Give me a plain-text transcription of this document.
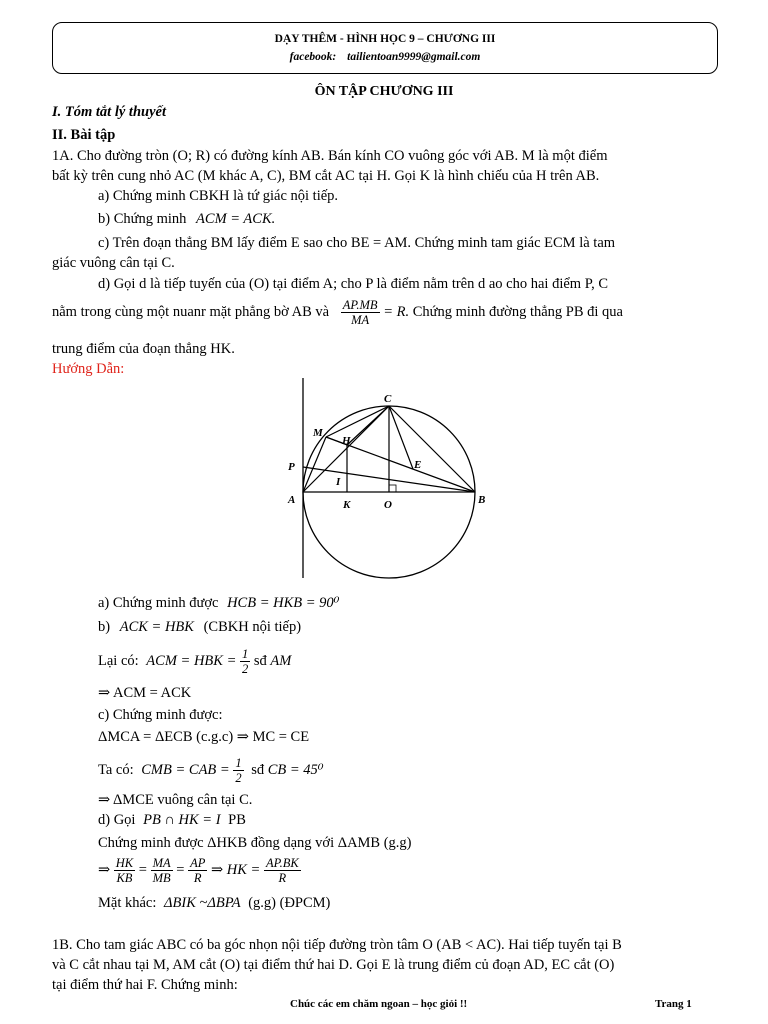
DẠY THÊM - HÌNH HỌC 9 – CHƯƠNG III
facebook: tailientoan9999@gmail.com
ÔN TẬP CHƯƠNG III
I. Tóm tắt lý thuyết
II. Bài tập
1A. Cho đường tròn (O; R) có đường kính AB. Bán kính CO vuông góc với AB. M là một điểm
bất kỳ trên cung nhỏ AC (M khác A, C), BM cắt AC tại H. Gọi K là hình chiếu của H trên AB.
a) Chứng minh CBKH là tứ giác nội tiếp.
b) Chứng minh ACM = ACK.
c) Trên đoạn thẳng BM lấy điểm E sao cho BE = AM. Chứng minh tam giác ECM là tam
giác vuông cân tại C.
d) Gọi d là tiếp tuyến của (O) tại điểm A; cho P là điểm nằm trên d ao cho hai điểm P, C
nằm trong cùng một nuanr mặt phẳng bờ AB và $\frac{AP.MB}{MA} = R$. Chứng minh đường thẳng PB đi qua
trung điểm của đoạn thẳng HK.
Hướng Dẫn:
C
M
H
P	E
I
A	B
K	O
a) Chứng minh được HCB = HKB = 90⁰
b) ACK = HBK (CBKH nội tiếp)
Lại có: ACM = HBK = $\frac{1}{2}$ sđ AM
⇒ ACM = ACK
c) Chứng minh được:
ΔMCA = ΔECB (c.g.c) ⇒ MC = CE
Ta có: CMB = CAB = $\frac{1}{2}$ sđ CB = 45⁰
⇒ ΔMCE vuông cân tại C.
d) Gọi PB ∩ HK = I PB
Chứng minh được ΔHKB đồng dạng với ΔAMB (g.g)
⇒ $\frac{HK}{KB} = \frac{MA}{MB} = \frac{AP}{R}$ ⇒ HK = $\frac{AP.BK}{R}$
Mặt khác: ΔBIK ~ΔBPA (g.g) (ĐPCM)
1B. Cho tam giác ABC có ba góc nhọn nội tiếp đường tròn tâm O (AB < AC). Hai tiếp tuyến tại B
và C cắt nhau tại M, AM cắt (O) tại điểm thứ hai D. Gọi E là trung điểm củ đoạn AD, EC cắt (O)
tại điểm thứ hai F. Chứng minh:
Chúc các em chăm ngoan – học giỏi !!	Trang 1
